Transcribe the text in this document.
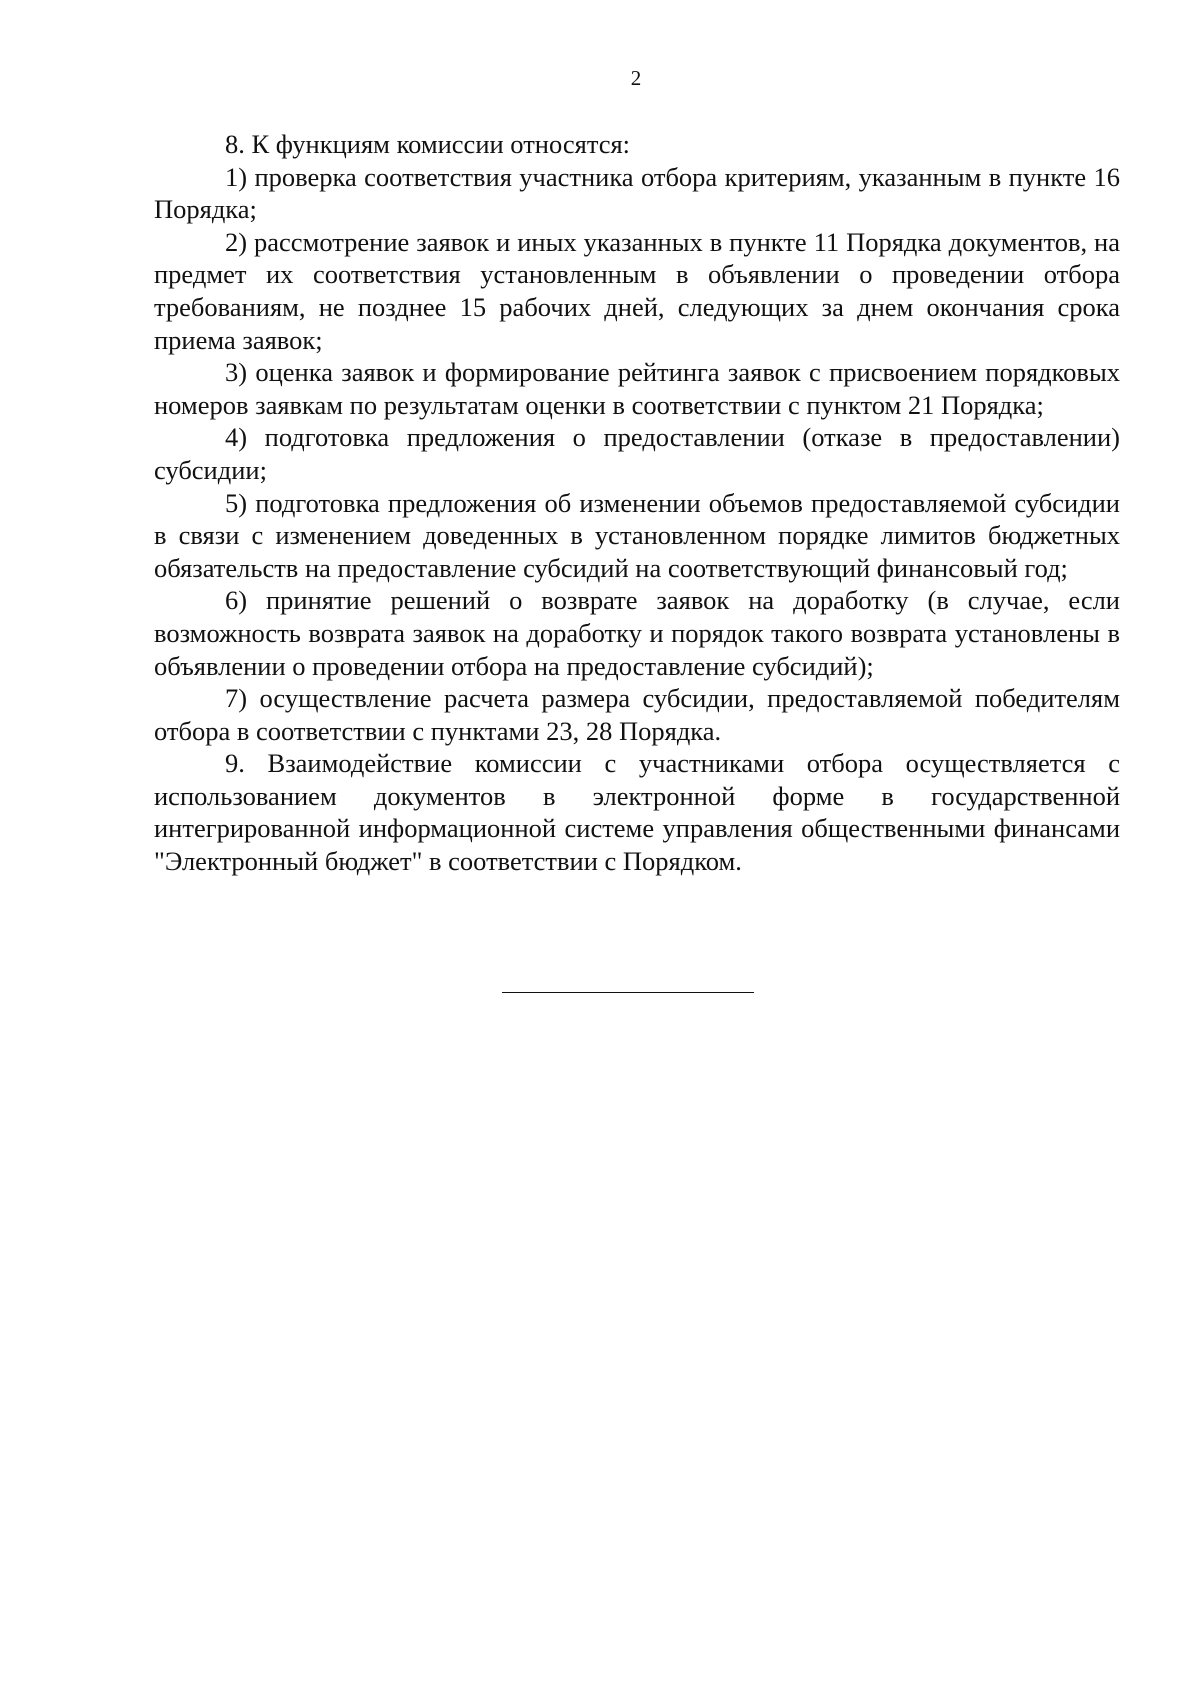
2

8. К функциям комиссии относятся:

1) проверка соответствия участника отбора критериям, указанным в пункте 16 Порядка;

2) рассмотрение заявок и иных указанных в пункте 11 Порядка документов, на предмет их соответствия установленным в объявлении о проведении отбора требованиям, не позднее 15 рабочих дней, следующих за днем окончания срока приема заявок;

3) оценка заявок и формирование рейтинга заявок с присвоением порядковых номеров заявкам по результатам оценки в соответствии с пунктом 21 Порядка;

4) подготовка предложения о предоставлении (отказе в предоставлении) субсидии;

5) подготовка предложения об изменении объемов предоставляемой субсидии в связи с изменением доведенных в установленном порядке лимитов бюджетных обязательств на предоставление субсидий на соответствующий финансовый год;

6) принятие решений о возврате заявок на доработку (в случае, если возможность возврата заявок на доработку и порядок такого возврата установлены в объявлении о проведении отбора на предоставление субсидий);

7) осуществление расчета размера субсидии, предоставляемой победителям отбора в соответствии с пунктами 23, 28 Порядка.

9. Взаимодействие комиссии с участниками отбора осуществляется с использованием документов в электронной форме в государственной интегрированной информационной системе управления общественными финансами "Электронный бюджет" в соответствии с Порядком.
